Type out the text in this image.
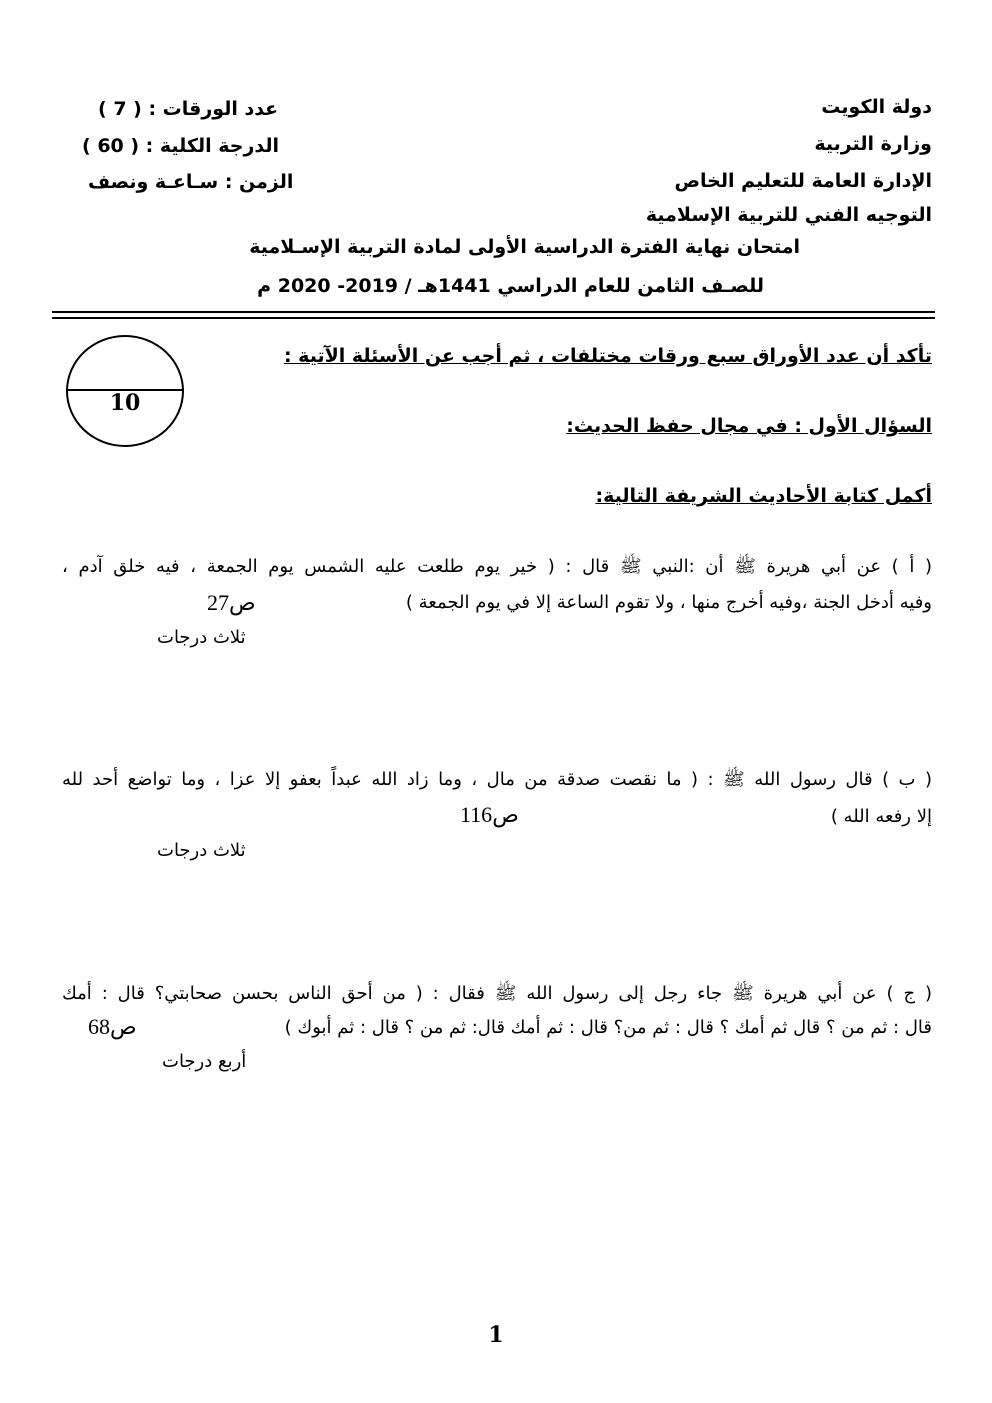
دولة الكويت
وزارة التربية
الإدارة العامة للتعليم الخاص
التوجيه الفني للتربية الإسلامية
عدد الورقات : ( 7 )
الدرجة الكلية : ( 60 )
الزمن : سـاعـة ونصف
امتحان نهاية الفترة الدراسية الأولى لمادة التربية الإسـلامية
للصـف الثامن للعام الدراسي 1441هـ / 2019- 2020 م
10
تأكد أن عدد الأوراق سبع ورقات مختلفات ، ثم أجب عن الأسئلة الآتية :
السؤال الأول : في مجال حفظ الحديث:
أكمل كتابة الأحاديث الشريفة التالية:
( أ ) عن أبي هريرة ﷺ أن :النبي ﷺ قال : ( خير يوم طلعت عليه الشمس يوم الجمعة ، فيه خلق آدم ،
وفيه أدخل الجنة ،وفيه أخرج منها ، ولا تقوم الساعة إلا في يوم الجمعة )
ص27
ثلاث درجات
( ب ) قال رسول الله ﷺ : ( ما نقصت صدقة من مال ، وما زاد الله عبداً بعفو إلا عزا ، وما تواضع أحد لله
إلا رفعه الله )
ص116
ثلاث درجات
( ج ) عن أبي هريرة ﷺ جاء رجل إلى رسول الله ﷺ فقال : ( من أحق الناس بحسن صحابتي؟ قال : أمك
قال : ثم من ؟ قال ثم أمك ؟ قال : ثم من؟ قال : ثم أمك قال: ثم من ؟ قال : ثم أبوك )
ص68
أربع درجات
1
